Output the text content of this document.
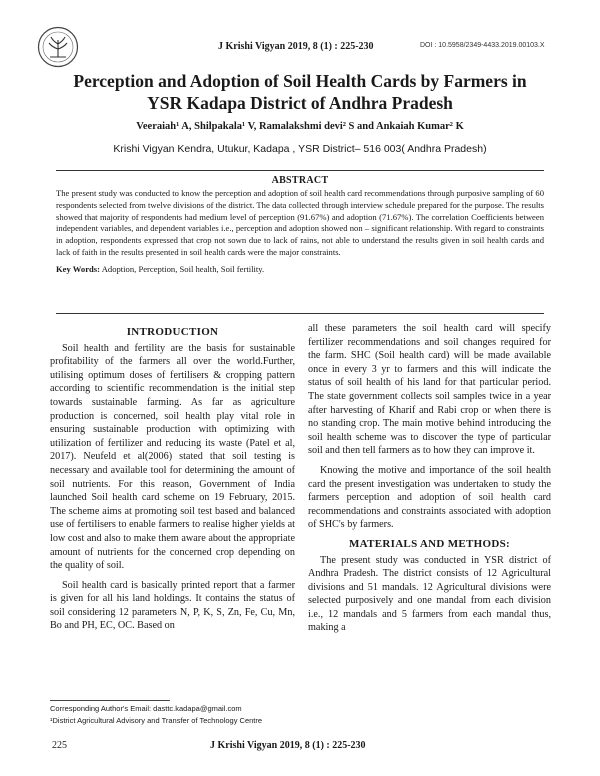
J Krishi Vigyan 2019, 8 (1) : 225-230	DOI : 10.5958/2349-4433.2019.00103.X
Perception and Adoption of Soil Health Cards by Farmers in
YSR Kadapa District of Andhra Pradesh
Veeraiah¹ A, Shilpakala¹ V, Ramalakshmi devi² S and Ankaiah Kumar² K
Krishi Vigyan Kendra, Utukur, Kadapa , YSR District– 516 003( Andhra Pradesh)
ABSTRACT
The present study was conducted to know the perception and adoption of soil health card recommendations through purposive sampling of 60 respondents selected from twelve divisions of the district. The data collected through interview schedule prepared for the purpose. The results showed that majority of respondents had medium level of perception (91.67%) and adoption (71.67%). The correlation Coefficients between independent variables, and dependent variables i.e., perception and adoption showed non – significant relationship. With regard to constraints in adoption, respondents expressed that crop not sown due to lack of rains, not able to understand the results given in soil health cards and lack of faith in the results presented in soil health cards were the major constraints.
Key Words: Adoption, Perception, Soil health, Soil fertility.
INTRODUCTION

Soil health and fertility are the basis for sustainable profitability of the farmers all over the world.Further, utilising optimum doses of fertilisers & cropping pattern according to scientific recommendation is the initial step towards sustainable farming. As far as agriculture production is concerned, soil health play vital role in ensuring sustainable production with optimizing with utilization of fertilizer and reducing its waste (Patel et al, 2017). Neufeld et al(2006) stated that soil testing is necessary and available tool for determining the amount of soil nutrients. For this reason, Government of India launched Soil health card scheme on 19 February, 2015. The scheme aims at promoting soil test based and balanced use of fertilisers to enable farmers to realise higher yields at low cost and also to make them aware about the appropriate amount of nutrients for the concerned crop depending on the quality of soil.

Soil health card is basically printed report that a farmer is given for all his land holdings. It contains the status of soil considering 12 parameters N, P, K, S, Zn, Fe, Cu, Mn, Bo and PH, EC, OC. Based on

all these parameters the soil health card will specify fertilizer recommendations and soil changes required for the farm. SHC (Soil health card) will be made available once in every 3 yr to farmers and this will indicate the status of soil health of his land for that particular period. The state government collects soil samples twice in a year after harvesting of Kharif and Rabi crop or when there is no standing crop. The main motive behind introducing the soil health scheme was to discover the type of particular soil and then tell farmers as to how they can improve it.

Knowing the motive and importance of the soil health card the present investigation was undertaken to study the farmers perception and adoption of soil health card recommendations and constraints associated with adoption of SHC's by farmers.

MATERIALS AND METHODS:

The present study was conducted in YSR district of Andhra Pradesh. The district consists of 12 Agricultural divisions and 51 mandals. 12 Agricultural divisions were selected purposively and one mandal from each division i.e., 12 mandals and 5 farmers from each mandal thus, making a

Corresponding Author's Email: dasttc.kadapa@gmail.com
¹District Agricultural Advisory and Transfer of Technology Centre
225	J Krishi Vigyan 2019, 8 (1) : 225-230
